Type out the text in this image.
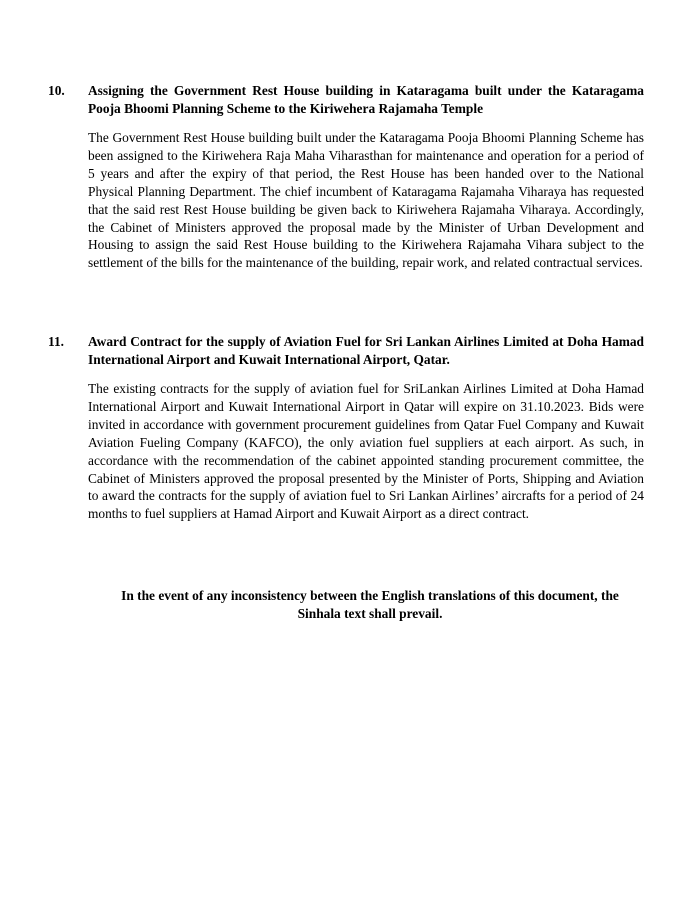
10.	Assigning the Government Rest House building in Kataragama built under the Kataragama Pooja Bhoomi Planning Scheme to the Kiriwehera Rajamaha Temple
The Government Rest House building built under the Kataragama Pooja Bhoomi Planning Scheme has been assigned to the Kiriwehera Raja Maha Viharasthan for maintenance and operation for a period of 5 years and after the expiry of that period, the Rest House has been handed over to the National Physical Planning Department. The chief incumbent of Kataragama Rajamaha Viharaya has requested that the said rest Rest House building be given back to Kiriwehera Rajamaha Viharaya. Accordingly, the Cabinet of Ministers approved the proposal made by the Minister of Urban Development and Housing to assign the said Rest House building to the Kiriwehera Rajamaha Vihara subject to the settlement of the bills for the maintenance of the building, repair work, and related contractual services.
11.	Award Contract for the supply of Aviation Fuel for Sri Lankan Airlines Limited at Doha Hamad International Airport and Kuwait International Airport, Qatar.
The existing contracts for the supply of aviation fuel for SriLankan Airlines Limited at Doha Hamad International Airport and Kuwait International Airport in Qatar will expire on 31.10.2023. Bids were invited in accordance with government procurement guidelines from Qatar Fuel Company and Kuwait Aviation Fueling Company (KAFCO), the only aviation fuel suppliers at each airport. As such, in accordance with the recommendation of the cabinet appointed standing procurement committee, the Cabinet of Ministers approved the proposal presented by the Minister of Ports, Shipping and Aviation to award the contracts for the supply of aviation fuel to Sri Lankan Airlines’ aircrafts for a period of 24 months to fuel suppliers at Hamad Airport and Kuwait Airport as a direct contract.
In the event of any inconsistency between the English translations of this document, the Sinhala text shall prevail.
